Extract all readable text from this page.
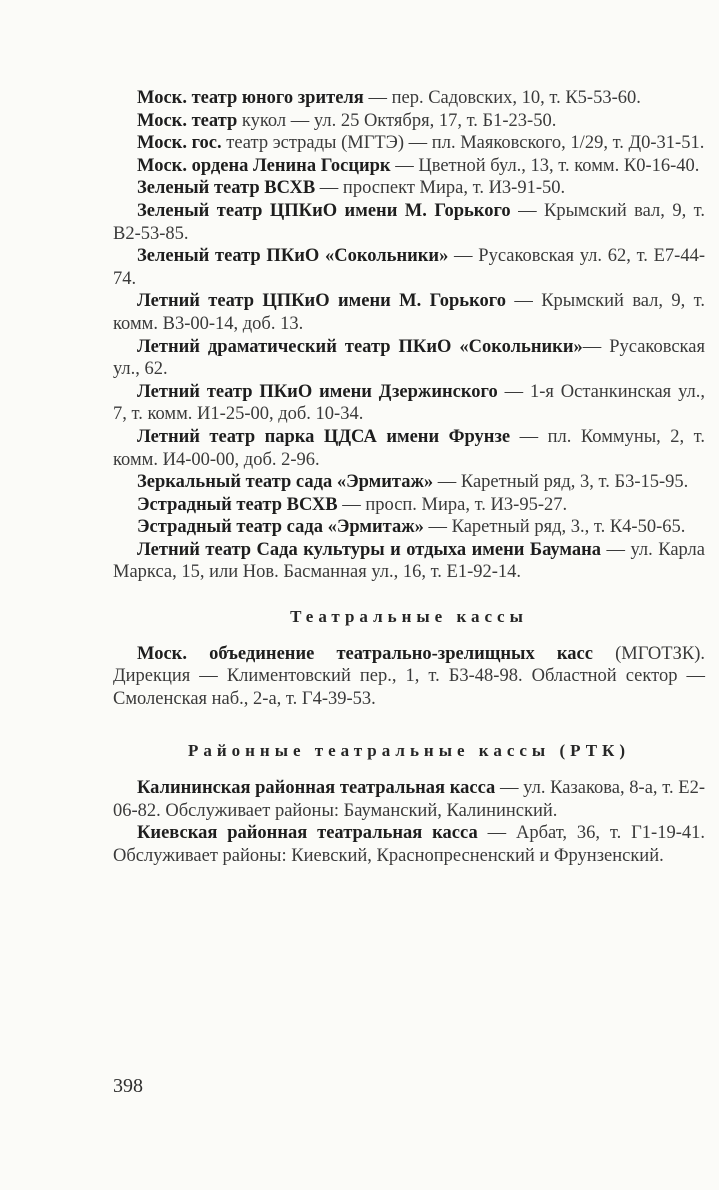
Моск. театр юного зрителя — пер. Садовских, 10, т. К5-53-60.

Моск. театр кукол — ул. 25 Октября, 17, т. Б1-23-50.

Моск. гос. театр эстрады (МГТЭ) — пл. Маяковского, 1/29, т. Д0-31-51.

Моск. ордена Ленина Госцирк — Цветной бул., 13, т. комм. К0-16-40.

Зеленый театр ВСХВ — проспект Мира, т. И3-91-50.

Зеленый театр ЦПКиО имени М. Горького — Крымский вал, 9, т. В2-53-85.

Зеленый театр ПКиО «Сокольники» — Русаковская ул. 62, т. Е7-44-74.

Летний театр ЦПКиО имени М. Горького — Крымский вал, 9, т. комм. В3-00-14, доб. 13.

Летний драматический театр ПКиО «Сокольники»— Русаковская ул., 62.

Летний театр ПКиО имени Дзержинского — 1-я Останкинская ул., 7, т. комм. И1-25-00, доб. 10-34.

Летний театр парка ЦДСА имени Фрунзе — пл. Коммуны, 2, т. комм. И4-00-00, доб. 2-96.

Зеркальный театр сада «Эрмитаж» — Каретный ряд, 3, т. Б3-15-95.

Эстрадный театр ВСХВ — просп. Мира, т. И3-95-27.

Эстрадный театр сада «Эрмитаж» — Каретный ряд, 3., т. К4-50-65.

Летний театр Сада культуры и отдыха имени Баумана — ул. Карла Маркса, 15, или Нов. Басманная ул., 16, т. Е1-92-14.

Театральные кассы

Моск. объединение театрально-зрелищных касс (МГОТЗК). Дирекция — Климентовский пер., 1, т. Б3-48-98. Областной сектор — Смоленская наб., 2-а, т. Г4-39-53.

Районные театральные кассы (РТК)

Калининская районная театральная касса — ул. Казакова, 8-а, т. Е2-06-82. Обслуживает районы: Бауманский, Калининский.

Киевская районная театральная касса — Арбат, 36, т. Г1-19-41. Обслуживает районы: Киевский, Краснопресненский и Фрунзенский.

398
